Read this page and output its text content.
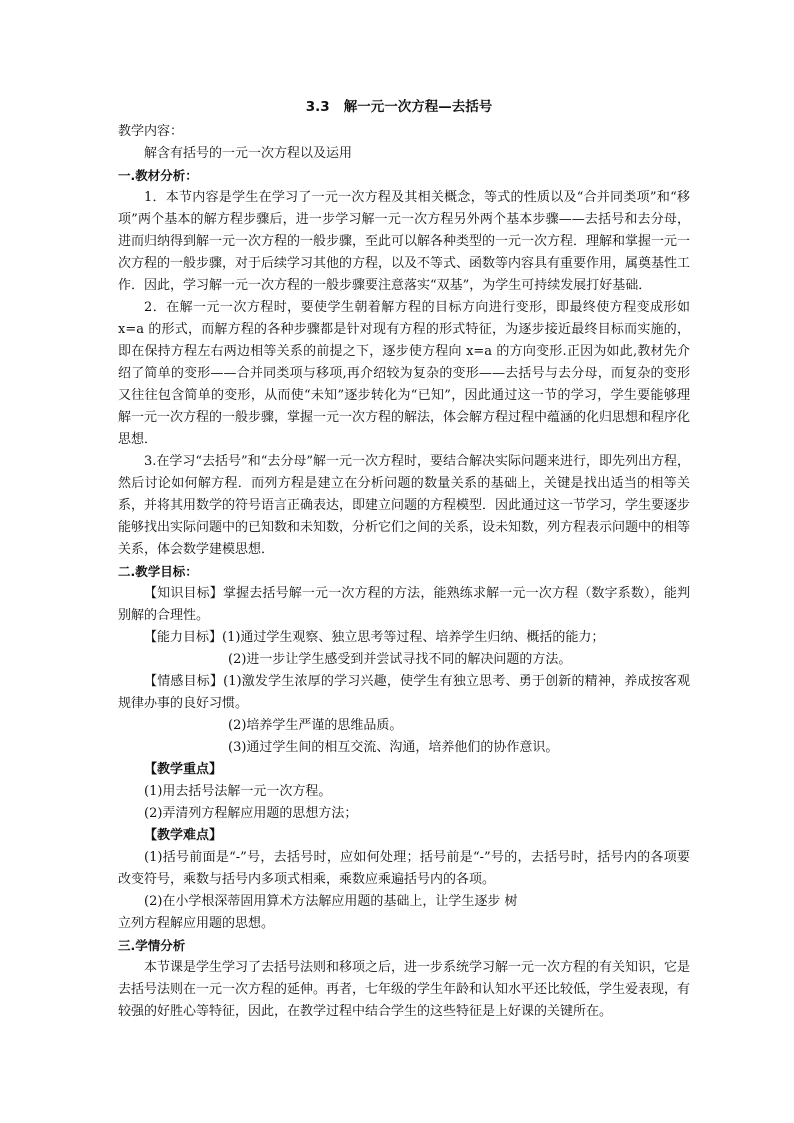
3.3 解一元一次方程—去括号

教学内容：

解含有括号的一元一次方程以及运用

一.教材分析：

1．本节内容是学生在学习了一元一次方程及其相关概念，等式的性质以及“合并同类项”和“移项”两个基本的解方程步骤后，进一步学习解一元一次方程另外两个基本步骤——去括号和去分母，进而归纳得到解一元一次方程的一般步骤，至此可以解各种类型的一元一次方程．理解和掌握一元一次方程的一般步骤，对于后续学习其他的方程，以及不等式、函数等内容具有重要作用，属奠基性工作．因此，学习解一元一次方程的一般步骤要注意落实“双基”，为学生可持续发展打好基础．

2．在解一元一次方程时，要使学生朝着解方程的目标方向进行变形，即最终使方程变成形如 x=a 的形式，而解方程的各种步骤都是针对现有方程的形式特征，为逐步接近最终目标而实施的，即在保持方程左右两边相等关系的前提之下，逐步使方程向 x=a 的方向变形.正因为如此,教材先介绍了简单的变形——合并同类项与移项,再介绍较为复杂的变形——去括号与去分母，而复杂的变形又往往包含简单的变形，从而使“未知”逐步转化为“已知”，因此通过这一节的学习，学生要能够理解一元一次方程的一般步骤，掌握一元一次方程的解法，体会解方程过程中蕴涵的化归思想和程序化思想．

3.在学习“去括号”和“去分母”解一元一次方程时，要结合解决实际问题来进行，即先列出方程，然后讨论如何解方程．而列方程是建立在分析问题的数量关系的基础上，关键是找出适当的相等关系，并将其用数学的符号语言正确表达，即建立问题的方程模型．因此通过这一节学习，学生要逐步能够找出实际问题中的已知数和未知数，分析它们之间的关系，设未知数，列方程表示问题中的相等关系，体会数学建模思想．

二.教学目标：

【知识目标】掌握去括号解一元一次方程的方法，能熟练求解一元一次方程（数字系数），能判别解的合理性。

【能力目标】(1)通过学生观察、独立思考等过程、培养学生归纳、概括的能力；

(2)进一步让学生感受到并尝试寻找不同的解决问题的方法。

【情感目标】(1)激发学生浓厚的学习兴趣，使学生有独立思考、勇于创新的精神，养成按客观规律办事的良好习惯。

(2)培养学生严谨的思维品质。

(3)通过学生间的相互交流、沟通，培养他们的协作意识。

【教学重点】

(1)用去括号法解一元一次方程。

(2)弄清列方程解应用题的思想方法；

【教学难点】

(1)括号前面是“-”号，去括号时，应如何处理；括号前是“-”号的，去括号时，括号内的各项要改变符号，乘数与括号内多项式相乘，乘数应乘遍括号内的各项。

(2)在小学根深蒂固用算术方法解应用题的基础上，让学生逐步 树

立列方程解应用题的思想。

三.学情分析

本节课是学生学习了去括号法则和移项之后，进一步系统学习解一元一次方程的有关知识，它是去括号法则在一元一次方程的延伸。再者，七年级的学生年龄和认知水平还比较低，学生爱表现，有较强的好胜心等特征，因此，在教学过程中结合学生的这些特征是上好课的关键所在。
